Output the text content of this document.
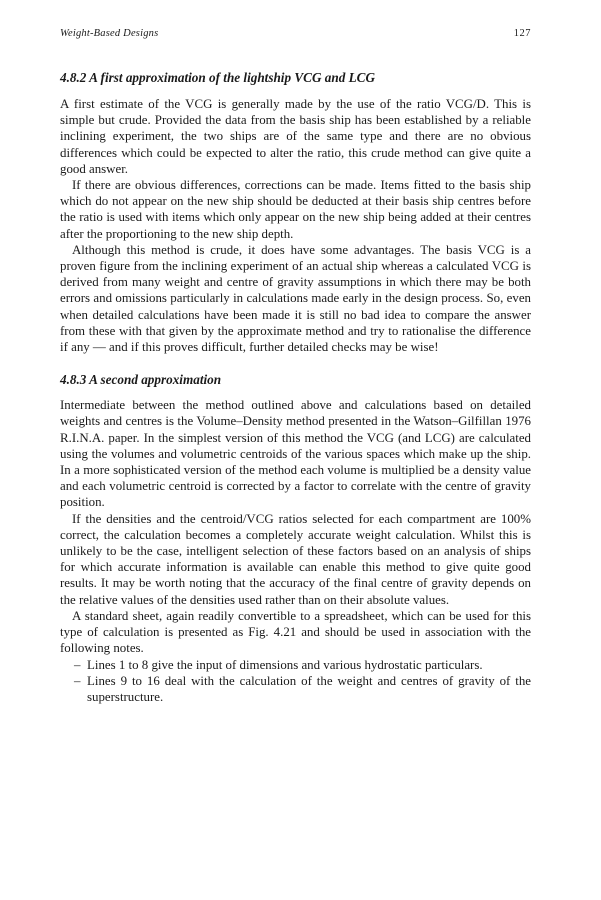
Weight-Based Designs	127
4.8.2 A first approximation of the lightship VCG and LCG

A first estimate of the VCG is generally made by the use of the ratio VCG/D. This is simple but crude. Provided the data from the basis ship has been established by a reliable inclining experiment, the two ships are of the same type and there are no obvious differences which could be expected to alter the ratio, this crude method can give quite a good answer.

If there are obvious differences, corrections can be made. Items fitted to the basis ship which do not appear on the new ship should be deducted at their basis ship centres before the ratio is used with items which only appear on the new ship being added at their centres after the proportioning to the new ship depth.

Although this method is crude, it does have some advantages. The basis VCG is a proven figure from the inclining experiment of an actual ship whereas a calculated VCG is derived from many weight and centre of gravity assumptions in which there may be both errors and omissions particularly in calculations made early in the design process. So, even when detailed calculations have been made it is still no bad idea to compare the answer from these with that given by the approximate method and try to rationalise the difference if any — and if this proves difficult, further detailed checks may be wise!

4.8.3 A second approximation

Intermediate between the method outlined above and calculations based on detailed weights and centres is the Volume–Density method presented in the Watson–Gilfillan 1976 R.I.N.A. paper. In the simplest version of this method the VCG (and LCG) are calculated using the volumes and volumetric centroids of the various spaces which make up the ship. In a more sophisticated version of the method each volume is multiplied be a density value and each volumetric centroid is corrected by a factor to correlate with the centre of gravity position.

If the densities and the centroid/VCG ratios selected for each compartment are 100% correct, the calculation becomes a completely accurate weight calculation. Whilst this is unlikely to be the case, intelligent selection of these factors based on an analysis of ships for which accurate information is available can enable this method to give quite good results. It may be worth noting that the accuracy of the final centre of gravity depends on the relative values of the densities used rather than on their absolute values.

A standard sheet, again readily convertible to a spreadsheet, which can be used for this type of calculation is presented as Fig. 4.21 and should be used in association with the following notes.

– Lines 1 to 8 give the input of dimensions and various hydrostatic particulars.
– Lines 9 to 16 deal with the calculation of the weight and centres of gravity of the superstructure.
